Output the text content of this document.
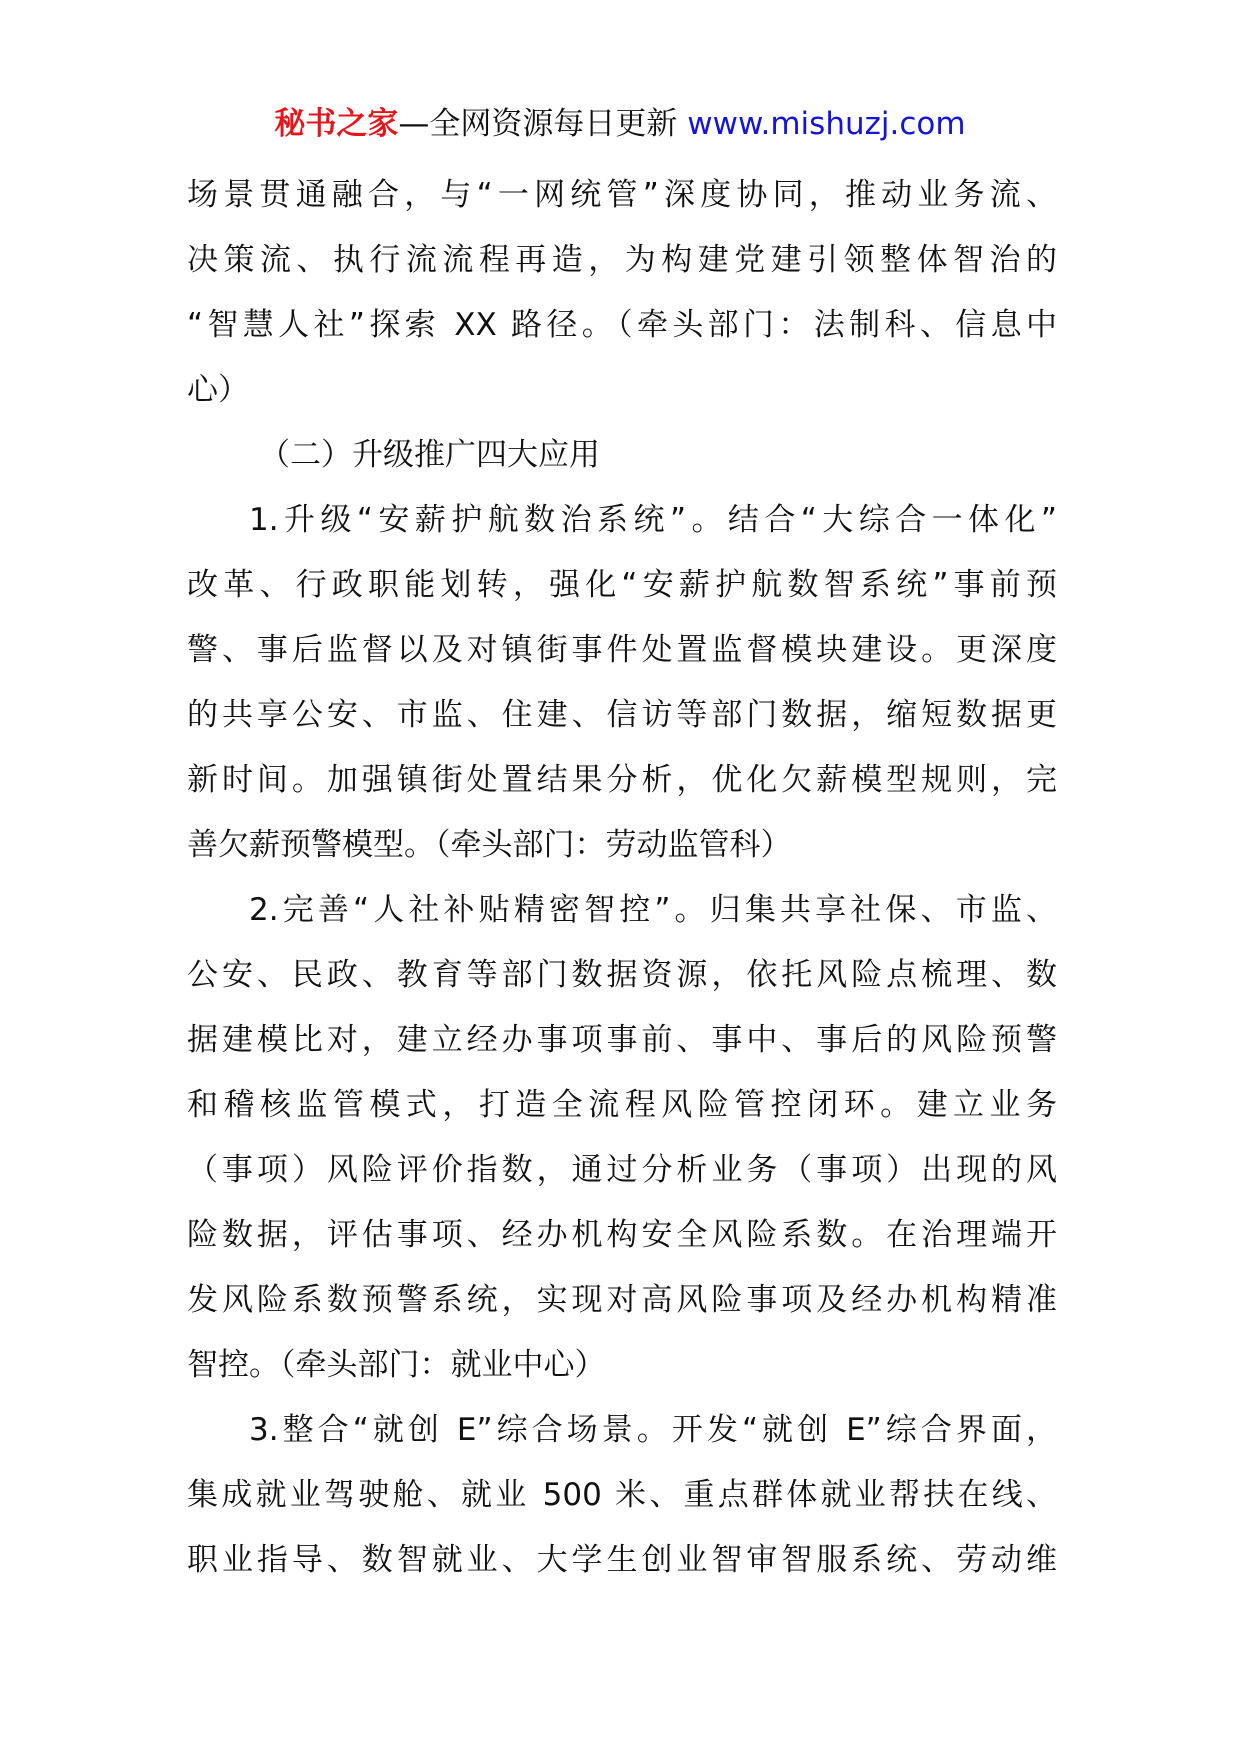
秘书之家—全网资源每日更新 www.mishuzj.com

场景贯通融合，与“一网统管”深度协同，推动业务流、
决策流、执行流流程再造，为构建党建引领整体智治的
“智慧人社”探索 XX 路径。（牵头部门：法制科、信息中
心）

（二）升级推广四大应用

1.升级“安薪护航数治系统”。结合“大综合一体化”
改革、行政职能划转，强化“安薪护航数智系统”事前预
警、事后监督以及对镇街事件处置监督模块建设。更深度
的共享公安、市监、住建、信访等部门数据，缩短数据更
新时间。加强镇街处置结果分析，优化欠薪模型规则，完
善欠薪预警模型。（牵头部门：劳动监管科）

2.完善“人社补贴精密智控”。归集共享社保、市监、
公安、民政、教育等部门数据资源，依托风险点梳理、数
据建模比对，建立经办事项事前、事中、事后的风险预警
和稽核监管模式，打造全流程风险管控闭环。建立业务
（事项）风险评价指数，通过分析业务（事项）出现的风
险数据，评估事项、经办机构安全风险系数。在治理端开
发风险系数预警系统，实现对高风险事项及经办机构精准
智控。（牵头部门：就业中心）

3.整合“就创 E”综合场景。开发“就创 E”综合界面，
集成就业驾驶舱、就业 500 米、重点群体就业帮扶在线、
职业指导、数智就业、大学生创业智审智服系统、劳动维
